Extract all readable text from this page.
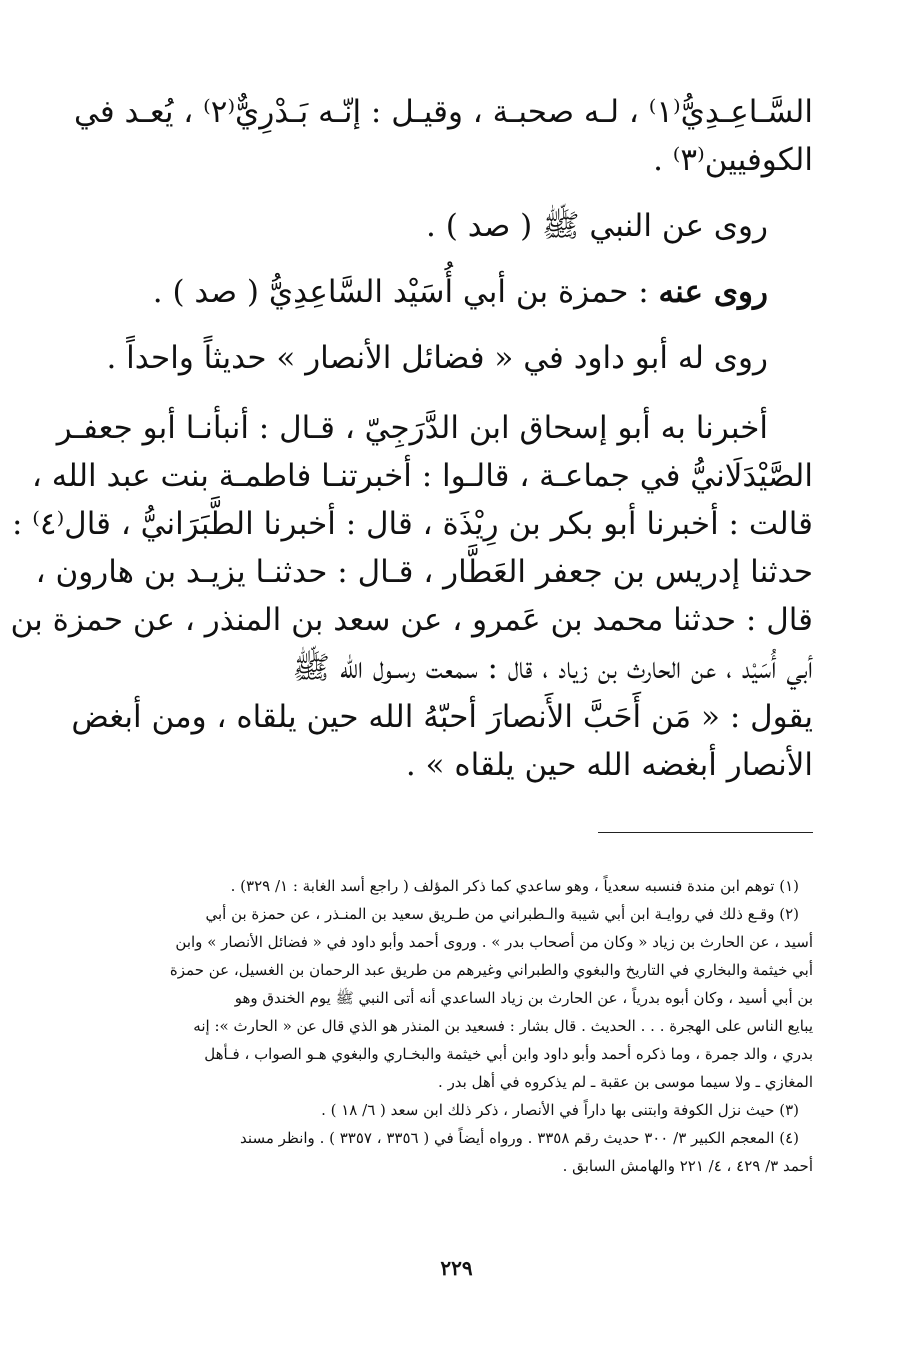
السَّـاعِـدِيُّ⁽١⁾ ، لـه صحبـة ، وقيـل : إنّـه بَـدْرِيٌّ⁽٢⁾ ، يُعـد في

الكوفيين⁽٣⁾ .

روى عن النبي ﷺ ( صد ) .

روى عنه : حمزة بن أبي أُسَيْد السَّاعِدِيُّ ( صد ) .

روى له أبو داود في « فضائل الأنصار » حديثاً واحداً .

أخبرنا به أبو إسحاق ابن الدَّرَجِيّ ، قـال : أنبأنـا أبو جعفـر

الصَّيْدَلَانيُّ في جماعـة ، قالـوا : أخبرتنـا فاطمـة بنت عبد الله ،

قالت : أخبرنا أبو بكر بن رِيْذَة ، قال : أخبرنا الطَّبَرَانيُّ ، قال⁽٤⁾ :

حدثنا إدريس بن جعفر العَطَّار ، قـال : حدثنـا يزيـد بن هارون ،

قال : حدثنا محمد بن عَمرو ، عن سعد بن المنذر ، عن حمزة بن

أبي أُسَيْد ، عن الحارث بن زياد ، قال : سمعت رسـول الله ﷺ

يقول : « مَن أَحَبَّ الأَنصارَ أحبّهُ الله حين يلقاه ، ومن أبغض

الأنصار أبغضه الله حين يلقاه » .

(١) توهم ابن مندة فنسبه سعدياً ، وهو ساعدي كما ذكر المؤلف ( راجع أسد الغابة : ١/ ٣٢٩) .

(٢) وقـع ذلك في روايـة ابن أبي شيبة والـطبراني من طـريق سعيد بن المنـذر ، عن حمزة بن أبي

أسيد ، عن الحارث بن زياد « وكان من أصحاب بدر » . وروى أحمد وأبو داود في « فضائل الأنصار » وابن

أبي خيثمة والبخاري في التاريخ والبغوي والطبراني وغيرهم من طريق عبد الرحمان بن الغسيل، عن حمزة

بن أبي أسيد ، وكان أبوه بدرياً ، عن الحارث بن زياد الساعدي أنه أتى النبي ﷺ يوم الخندق وهو

يبايع الناس على الهجرة . . . الحديث . قال بشار : فسعيد بن المنذر هو الذي قال عن « الحارث »: إنه

بدري ، والد جمرة ، وما ذكره أحمد وأبو داود وابن أبي خيثمة والبخـاري والبغوي هـو الصواب ، فـأهل

المغازي ـ ولا سيما موسى بن عقبة ـ لم يذكروه في أهل بدر .

(٣) حيث نزل الكوفة وابتنى بها داراً في الأنصار ، ذكر ذلك ابن سعد ( ٦/ ١٨ ) .

(٤) المعجم الكبير ٣/ ٣٠٠ حديث رقم ٣٣٥٨ . ورواه أيضاً في ( ٣٣٥٦ ، ٣٣٥٧ ) . وانظر مسند

أحمد ٣/ ٤٢٩ ، ٤/ ٢٢١ والهامش السابق .

٢٢٩
